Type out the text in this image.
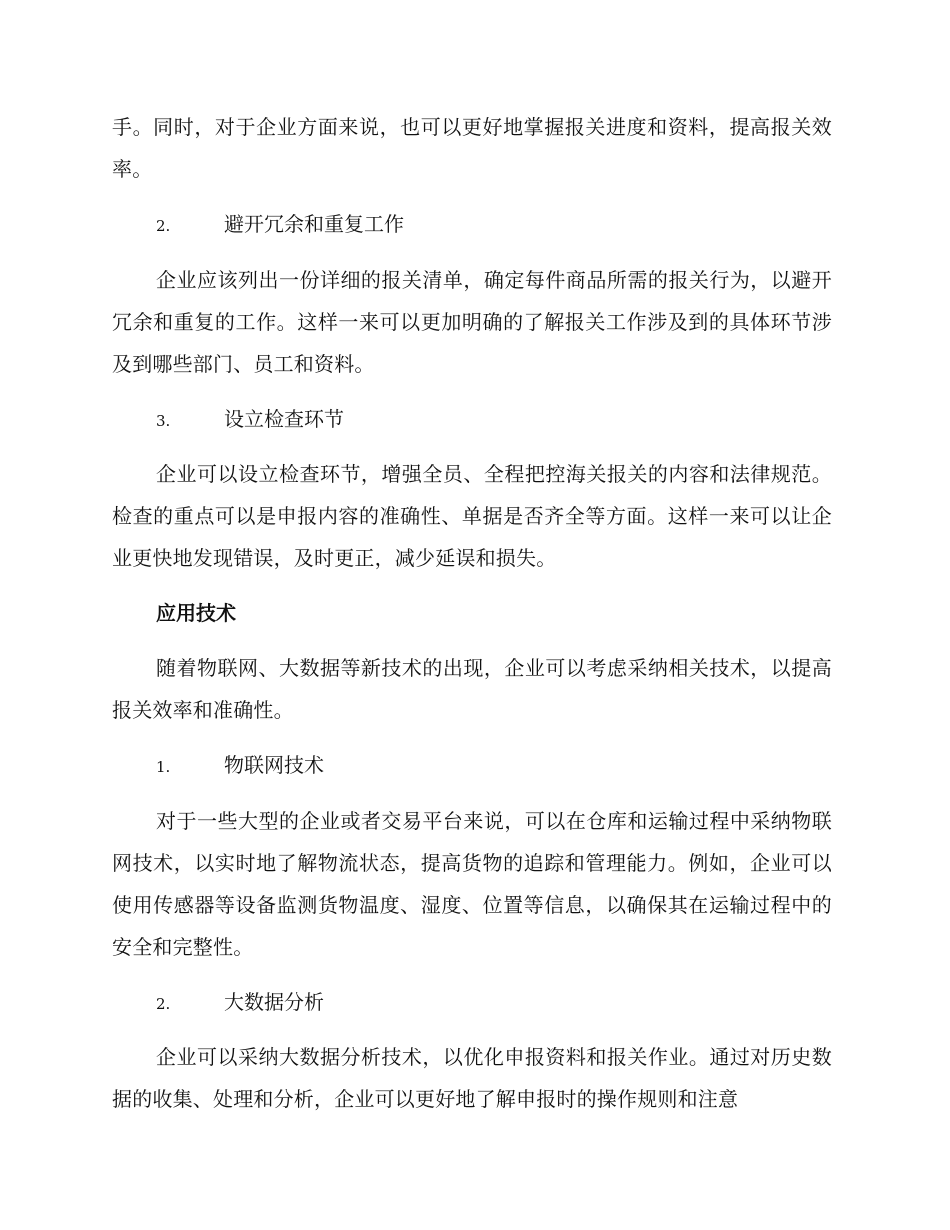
手。同时，对于企业方面来说，也可以更好地掌握报关进度和资料，提高报关效率。

2.	避开冗余和重复工作

企业应该列出一份详细的报关清单，确定每件商品所需的报关行为，以避开冗余和重复的工作。这样一来可以更加明确的了解报关工作涉及到的具体环节涉及到哪些部门、员工和资料。

3.	设立检查环节

企业可以设立检查环节，增强全员、全程把控海关报关的内容和法律规范。检查的重点可以是申报内容的准确性、单据是否齐全等方面。这样一来可以让企业更快地发现错误，及时更正，减少延误和损失。

应用技术

随着物联网、大数据等新技术的出现，企业可以考虑采纳相关技术，以提高报关效率和准确性。

1.	物联网技术

对于一些大型的企业或者交易平台来说，可以在仓库和运输过程中采纳物联网技术，以实时地了解物流状态，提高货物的追踪和管理能力。例如，企业可以使用传感器等设备监测货物温度、湿度、位置等信息，以确保其在运输过程中的安全和完整性。

2.	大数据分析

企业可以采纳大数据分析技术，以优化申报资料和报关作业。通过对历史数据的收集、处理和分析，企业可以更好地了解申报时的操作规则和注意
